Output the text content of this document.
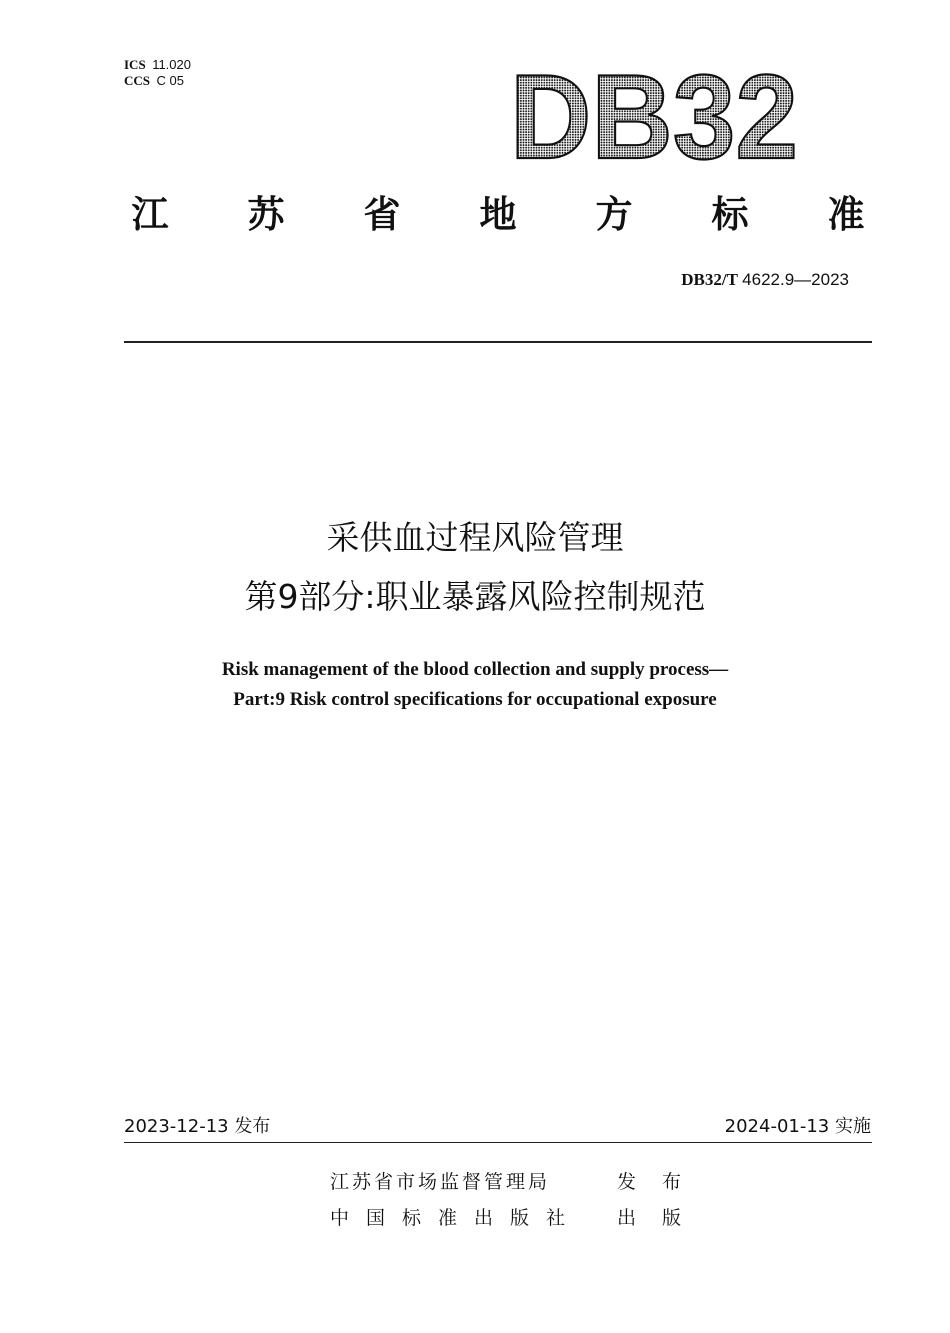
ICS 11.020
CCS C 05	DB32
江 苏 省 地 方 标 准
DB32/T 4622.9—2023
采供血过程风险管理
第9部分:职业暴露风险控制规范
Risk management of the blood collection and supply process—
Part:9 Risk control specifications for occupational exposure
2023-12-13 发布	2024-01-13 实施
江苏省市场监督管理局	发布
中国标准出版社 出版
